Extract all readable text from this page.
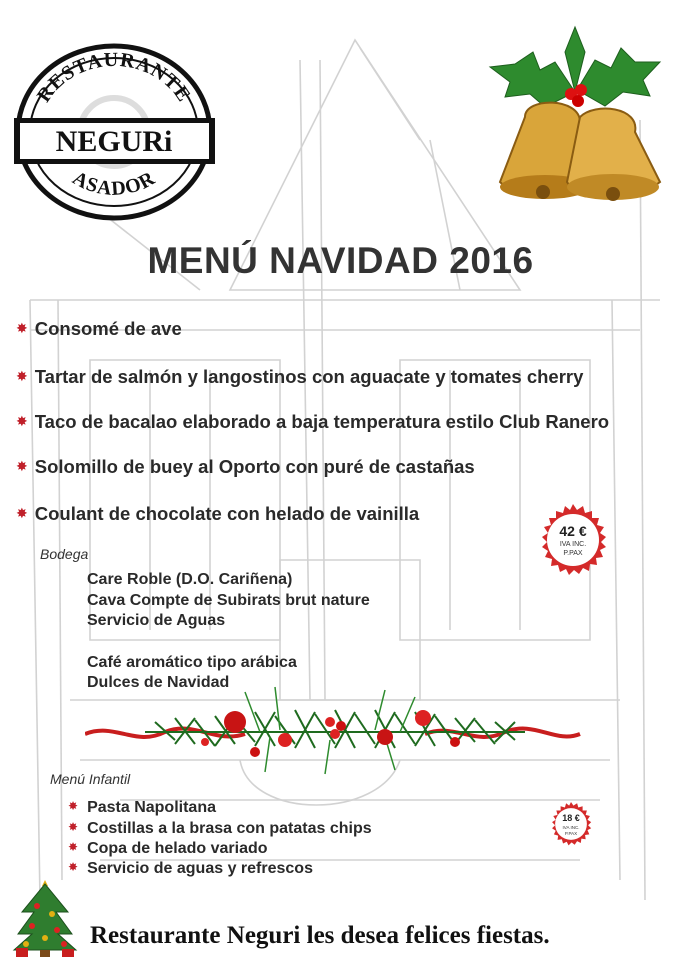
RESTAURANTE
ASADOR
NEGURi
MENÚ NAVIDAD 2016
✸ Consomé de ave
✸ Tartar de salmón y langostinos con aguacate y tomates cherry
✸ Taco de bacalao elaborado a baja temperatura estilo Club Ranero
✸ Solomillo de buey al Oporto con puré de castañas
✸ Coulant de chocolate con helado de vainilla
42 €
IVA INC.
P.PAX
Bodega
Care Roble (D.O. Cariñena)
Cava Compte de Subirats brut nature
Servicio de Aguas
Café aromático tipo arábica
Dulces de Navidad
Menú Infantil
✸ Pasta Napolitana
✸ Costillas a la brasa con patatas chips
✸ Copa de helado variado
✸ Servicio de aguas y refrescos
18 €
IVA INC.
P.PAX
Restaurante Neguri les desea felices fiestas.
